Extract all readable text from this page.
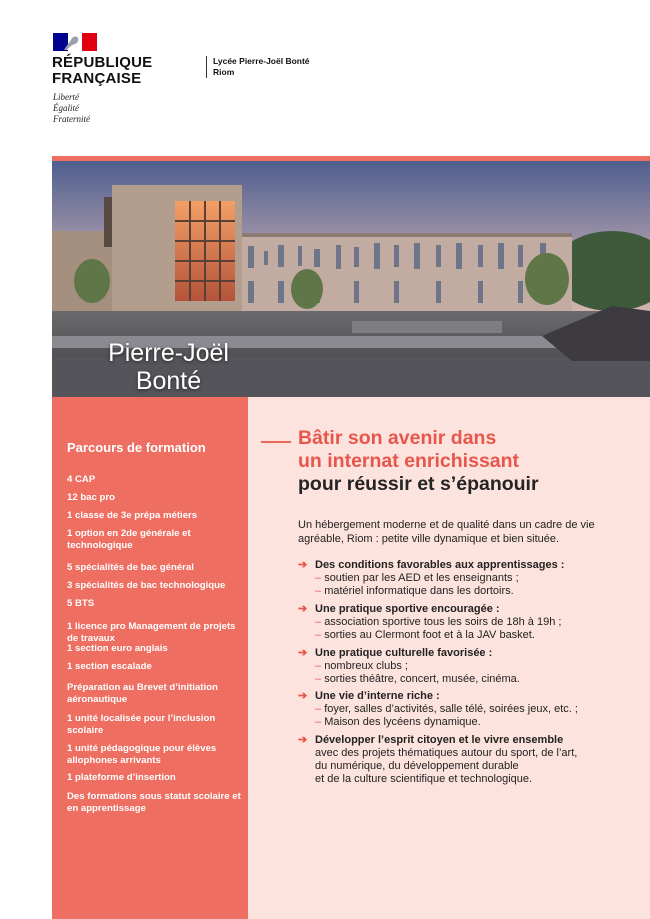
RÉPUBLIQUE
FRANÇAISE
Liberté
Égalité
Fraternité
Lycée Pierre-Joël Bonté
Riom
Pierre-Joël
Bonté
Parcours de formation
4 CAP
12 bac pro
1 classe de 3e prépa métiers
1 option en 2de générale et technologique
5 spécialités de bac général
3 spécialités de bac technologique
5 BTS
1 licence pro Management de projets de travaux
1 section euro anglais
1 section escalade
Préparation au Brevet d’initiation aéronautique
1 unité localisée pour l’inclusion scolaire
1 unité pédagogique pour élèves allophones arrivants
1 plateforme d’insertion
Des formations sous statut scolaire et en apprentissage
Bâtir son avenir dans
un internat enrichissant
pour réussir et s’épanouir
Un hébergement moderne et de qualité dans un cadre de vie
agréable, Riom : petite ville dynamique et bien située.
➔ Des conditions favorables aux apprentissages :
– soutien par les AED et les enseignants ;
– matériel informatique dans les dortoirs.
➔ Une pratique sportive encouragée :
– association sportive tous les soirs de 18h à 19h ;
– sorties au Clermont foot et à la JAV basket.
➔ Une pratique culturelle favorisée :
– nombreux clubs ;
– sorties théâtre, concert, musée, cinéma.
➔ Une vie d’interne riche :
– foyer, salles d’activités, salle télé, soirées jeux, etc. ;
– Maison des lycéens dynamique.
➔ Développer l’esprit citoyen et le vivre ensemble
avec des projets thématiques autour du sport, de l’art,
du numérique, du développement durable
et de la culture scientifique et technologique.
